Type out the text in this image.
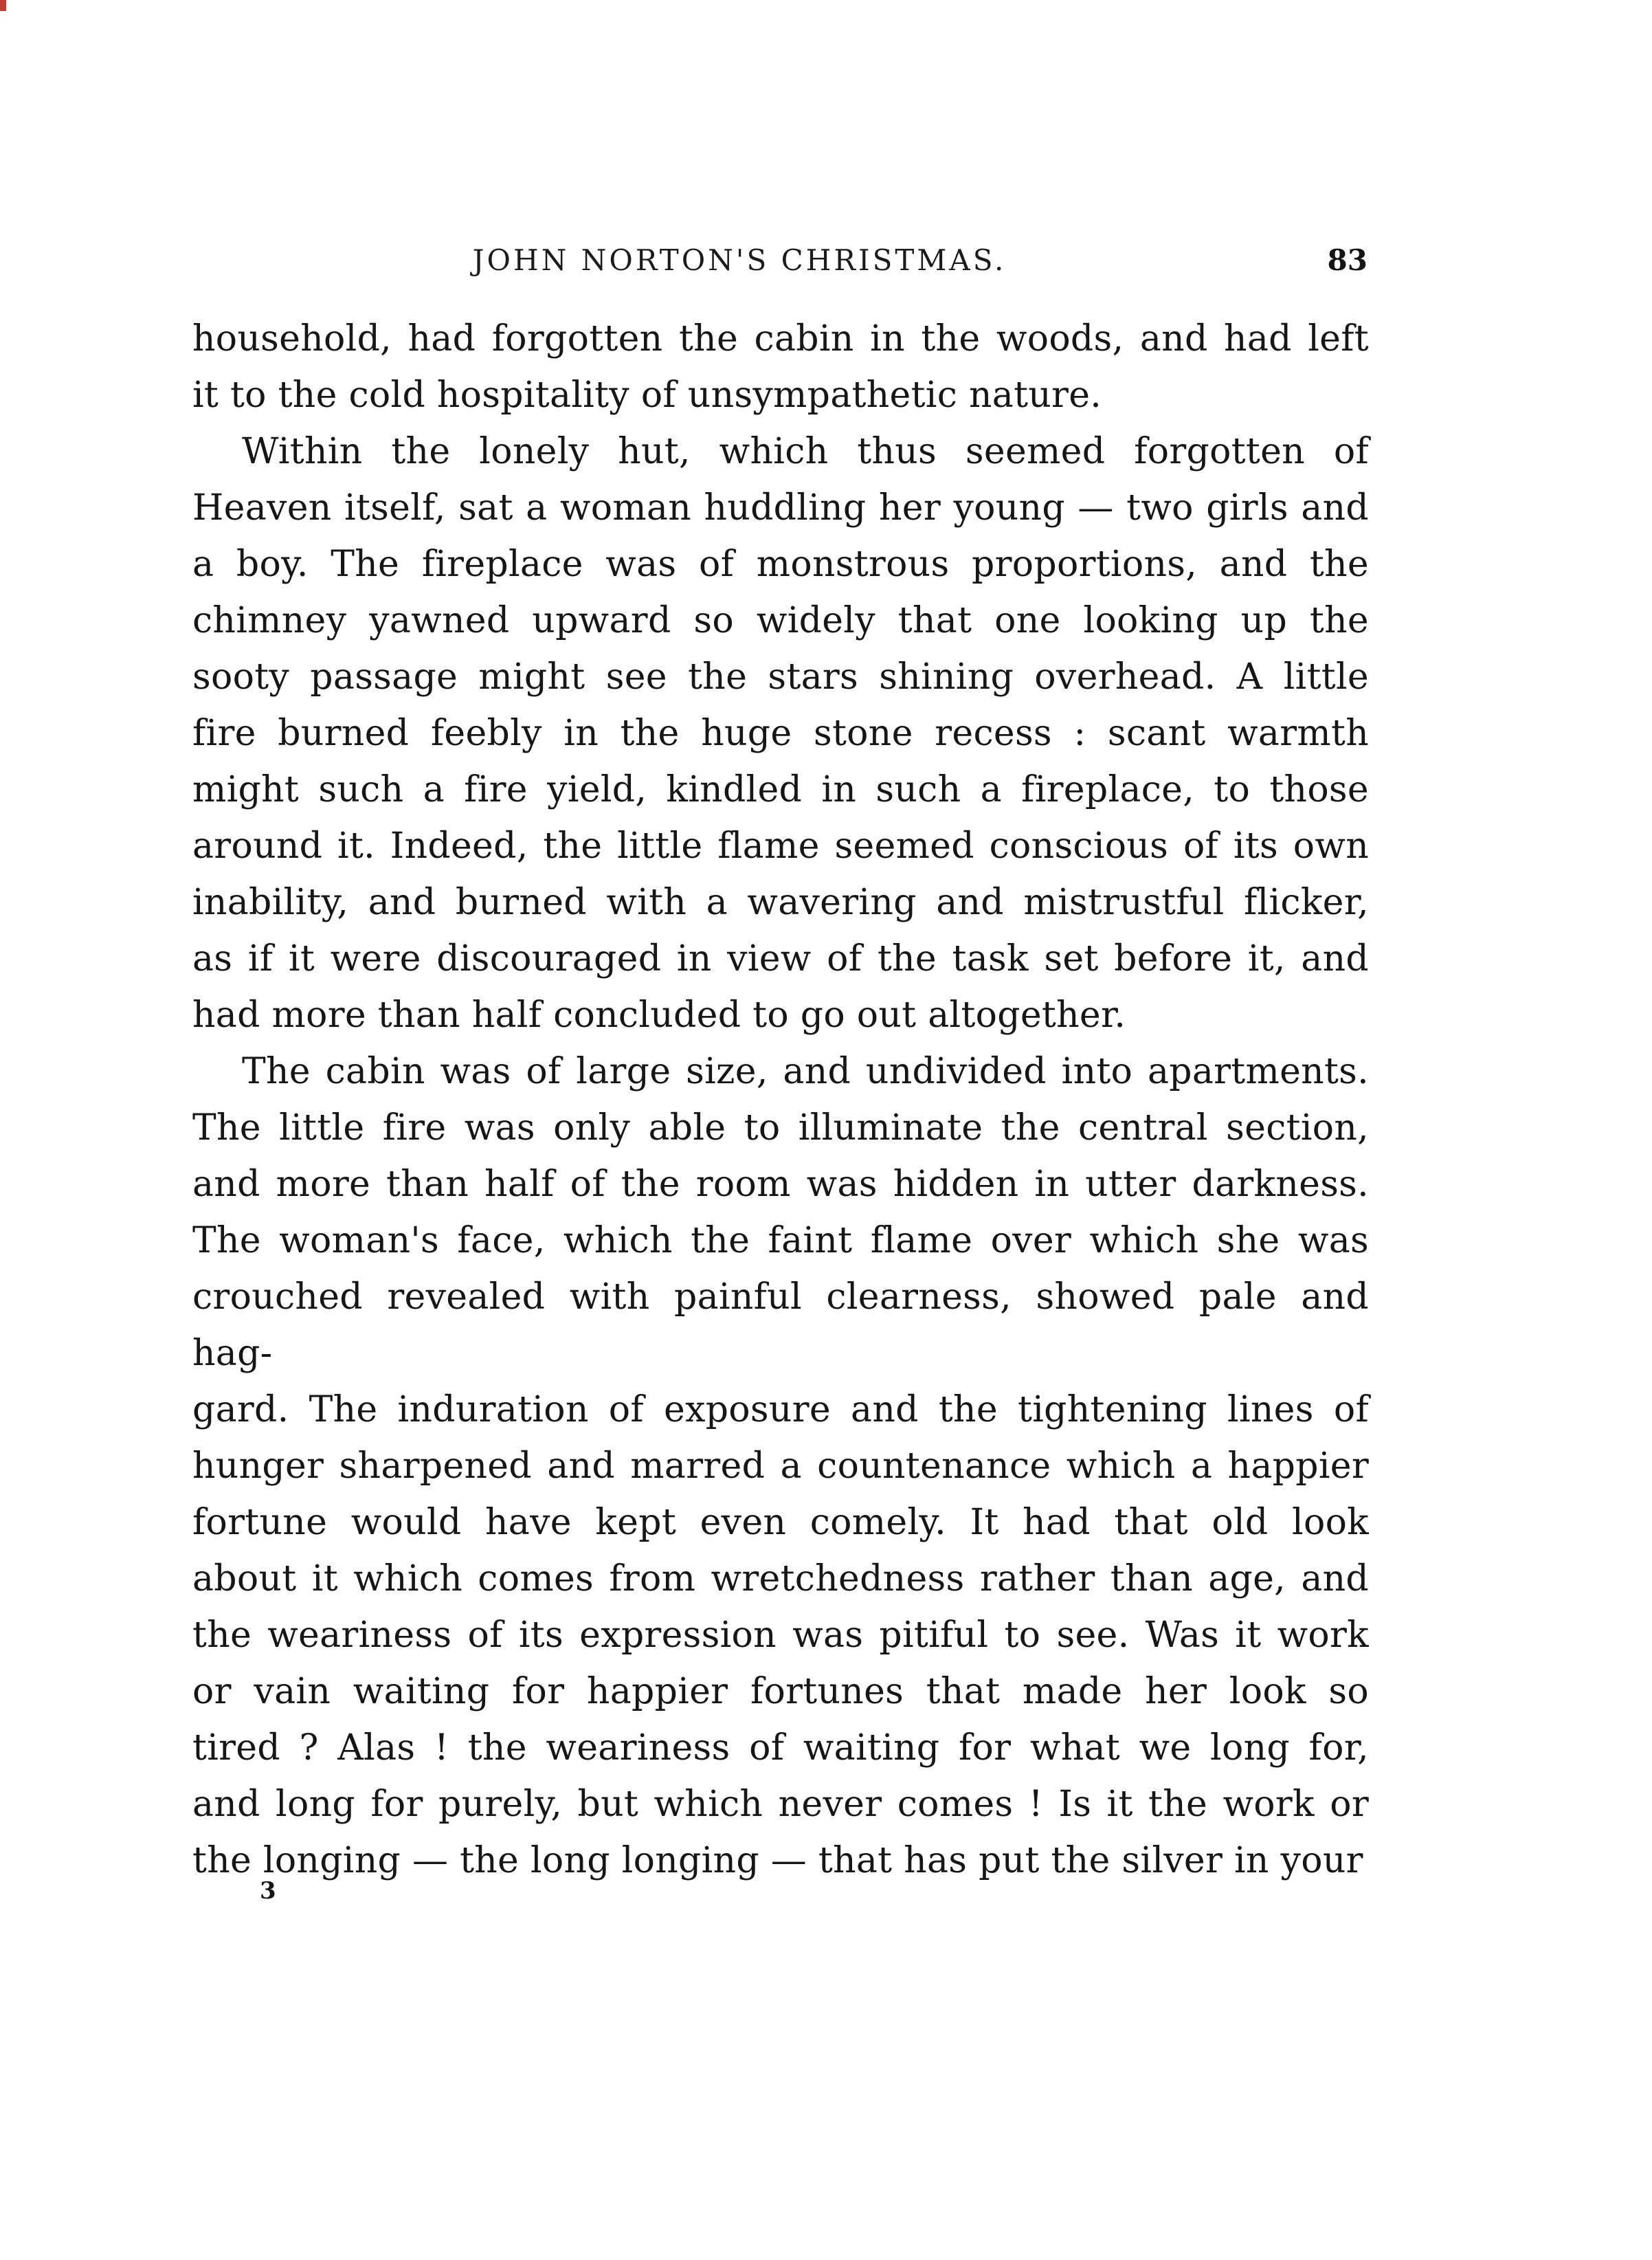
JOHN NORTON'S CHRISTMAS.	83
household, had forgotten the cabin in the woods, and had left
it to the cold hospitality of unsympathetic nature.
Within the lonely hut, which thus seemed forgotten of
Heaven itself, sat a woman huddling her young — two girls and
a boy. The fireplace was of monstrous proportions, and the
chimney yawned upward so widely that one looking up the
sooty passage might see the stars shining overhead. A little
fire burned feebly in the huge stone recess : scant warmth
might such a fire yield, kindled in such a fireplace, to those
around it. Indeed, the little flame seemed conscious of its own
inability, and burned with a wavering and mistrustful flicker,
as if it were discouraged in view of the task set before it, and
had more than half concluded to go out altogether.
The cabin was of large size, and undivided into apartments.
The little fire was only able to illuminate the central section,
and more than half of the room was hidden in utter darkness.
The woman's face, which the faint flame over which she was
crouched revealed with painful clearness, showed pale and hag-
gard. The induration of exposure and the tightening lines of
hunger sharpened and marred a countenance which a happier
fortune would have kept even comely. It had that old look
about it which comes from wretchedness rather than age, and
the weariness of its expression was pitiful to see. Was it work
or vain waiting for happier fortunes that made her look so
tired ? Alas ! the weariness of waiting for what we long for,
and long for purely, but which never comes ! Is it the work or
the longing — the long longing — that has put the silver in your
3
